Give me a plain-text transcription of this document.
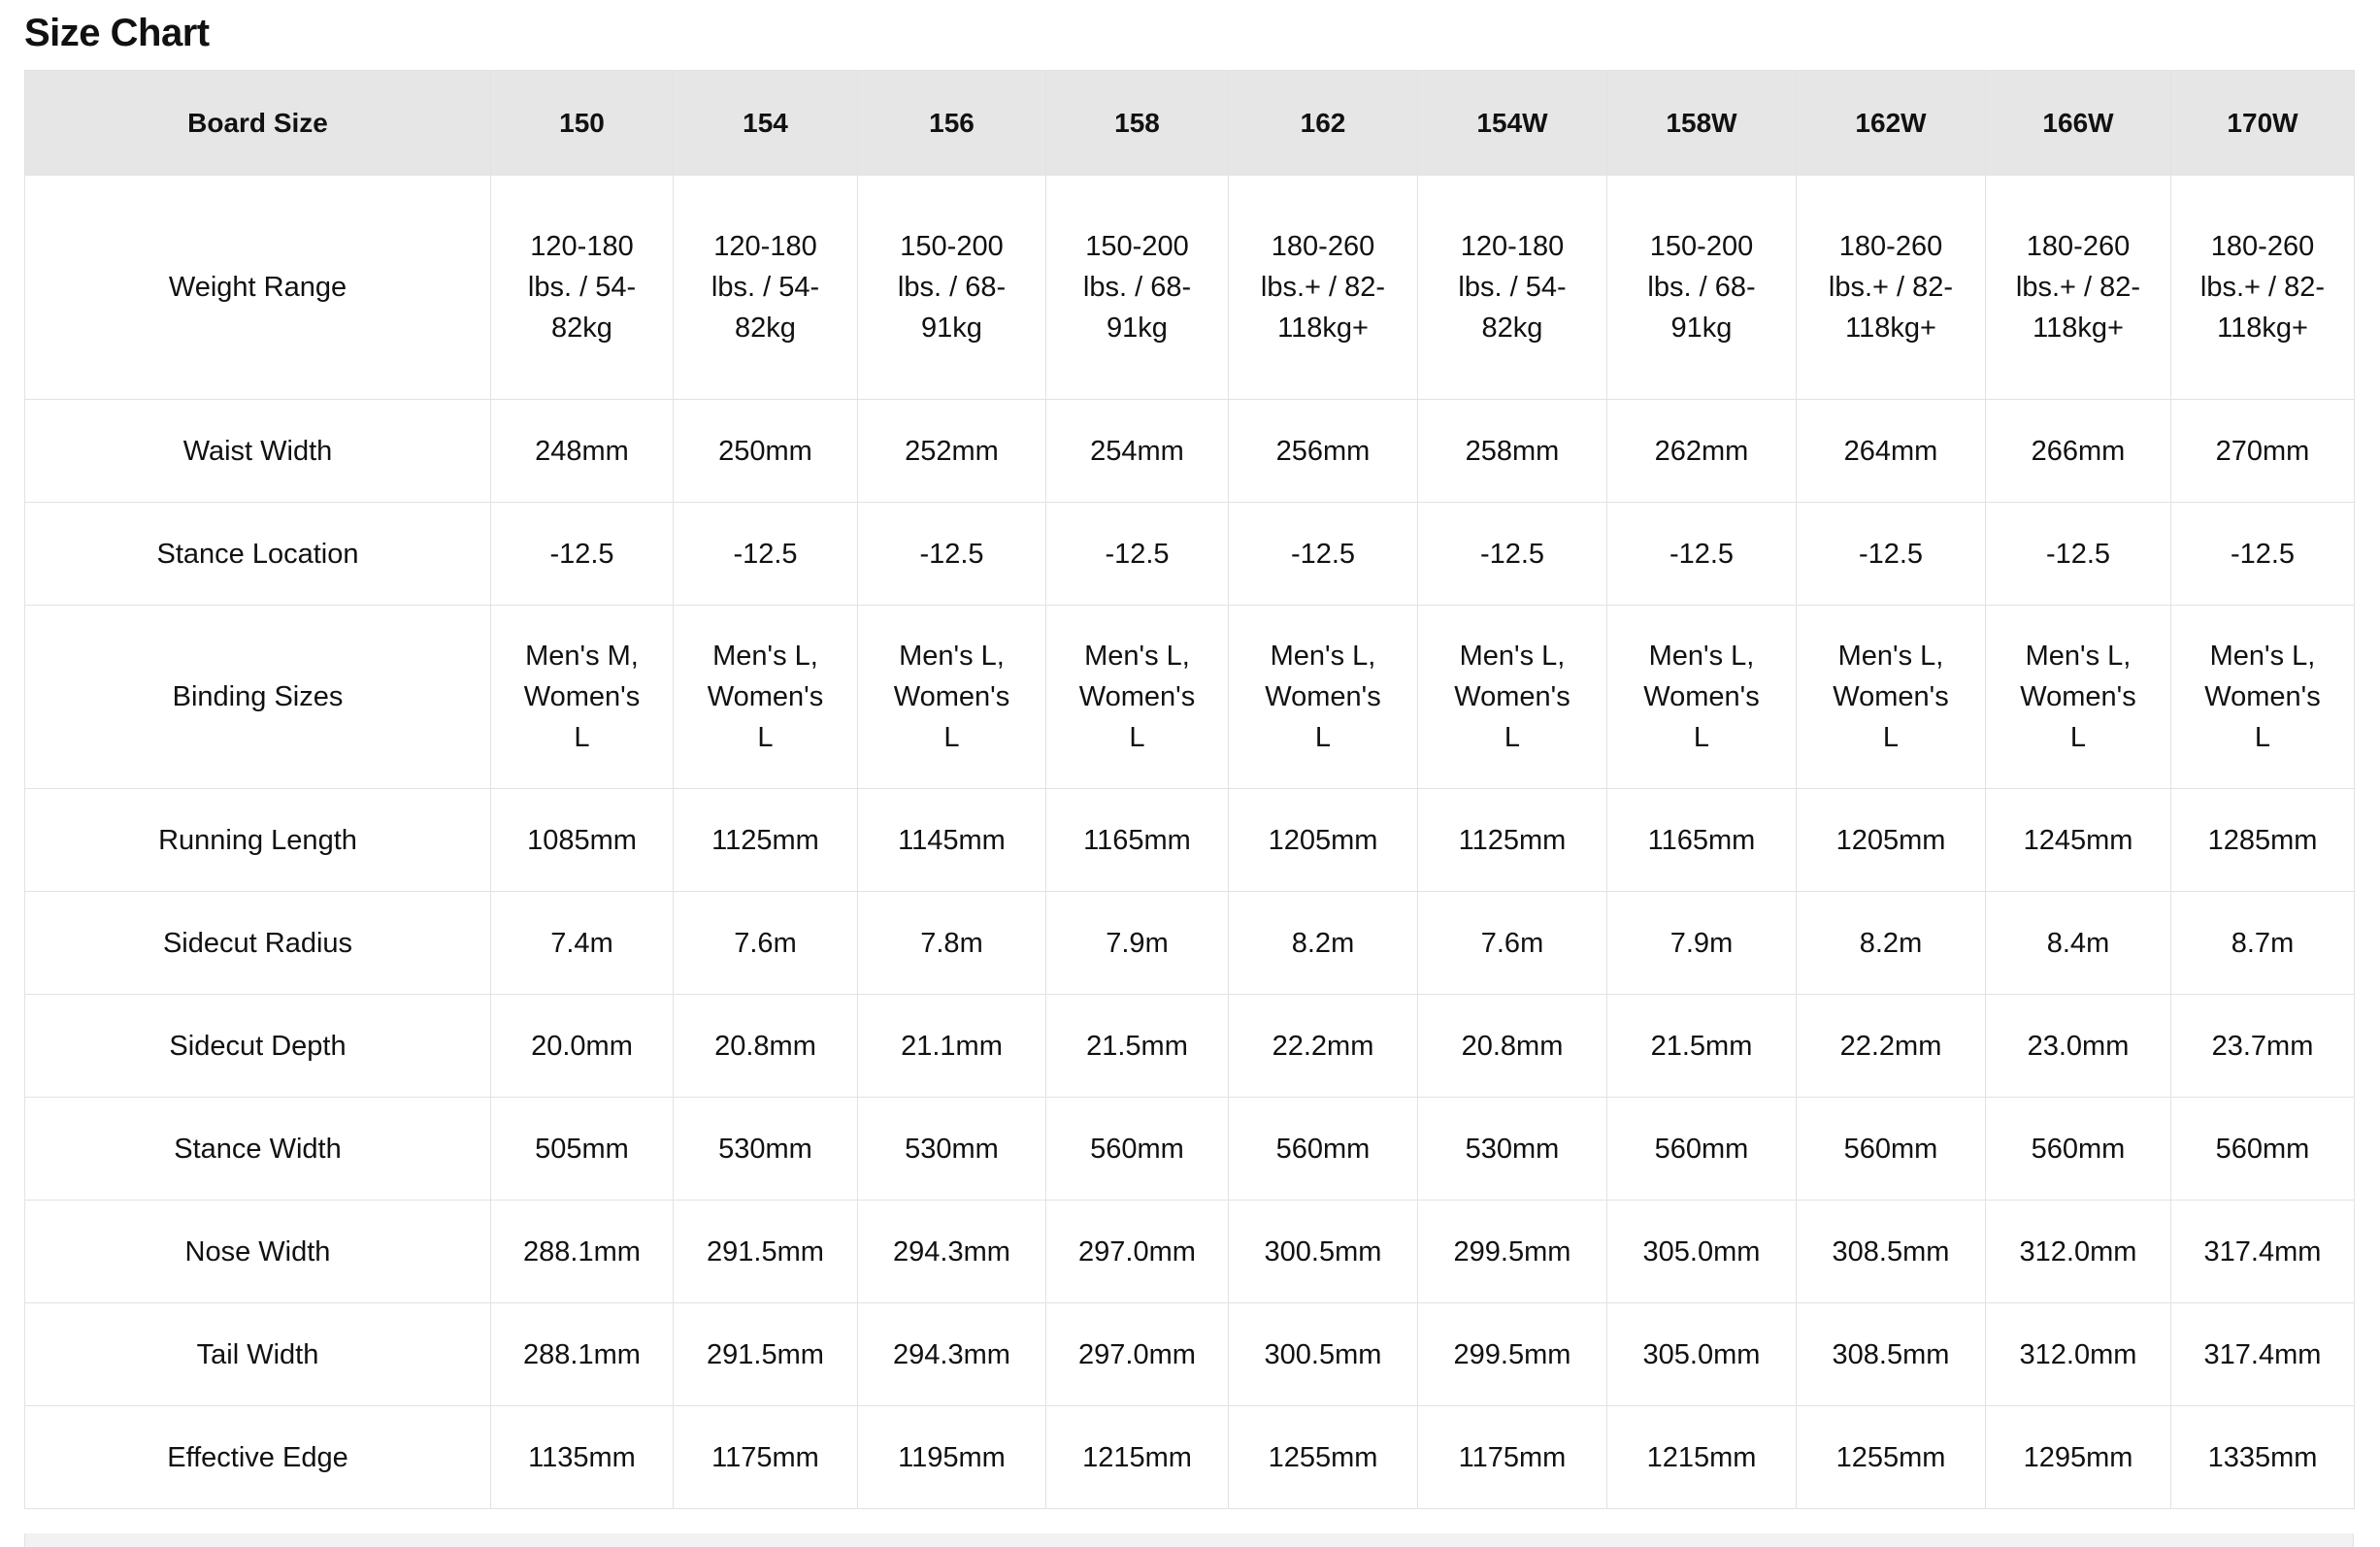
Size Chart
Board Size	150	154	156	158	162	154W	158W	162W	166W	170W
Weight Range	120-180 lbs. / 54-82kg	120-180 lbs. / 54-82kg	150-200 lbs. / 68-91kg	150-200 lbs. / 68-91kg	180-260 lbs.+ / 82-118kg+	120-180 lbs. / 54-82kg	150-200 lbs. / 68-91kg	180-260 lbs.+ / 82-118kg+	180-260 lbs.+ / 82-118kg+	180-260 lbs.+ / 82-118kg+
Waist Width	248mm	250mm	252mm	254mm	256mm	258mm	262mm	264mm	266mm	270mm
Stance Location	-12.5	-12.5	-12.5	-12.5	-12.5	-12.5	-12.5	-12.5	-12.5	-12.5
Binding Sizes	Men's M, Women's L	Men's L, Women's L	Men's L, Women's L	Men's L, Women's L	Men's L, Women's L	Men's L, Women's L	Men's L, Women's L	Men's L, Women's L	Men's L, Women's L	Men's L, Women's L
Running Length	1085mm	1125mm	1145mm	1165mm	1205mm	1125mm	1165mm	1205mm	1245mm	1285mm
Sidecut Radius	7.4m	7.6m	7.8m	7.9m	8.2m	7.6m	7.9m	8.2m	8.4m	8.7m
Sidecut Depth	20.0mm	20.8mm	21.1mm	21.5mm	22.2mm	20.8mm	21.5mm	22.2mm	23.0mm	23.7mm
Stance Width	505mm	530mm	530mm	560mm	560mm	530mm	560mm	560mm	560mm	560mm
Nose Width	288.1mm	291.5mm	294.3mm	297.0mm	300.5mm	299.5mm	305.0mm	308.5mm	312.0mm	317.4mm
Tail Width	288.1mm	291.5mm	294.3mm	297.0mm	300.5mm	299.5mm	305.0mm	308.5mm	312.0mm	317.4mm
Effective Edge	1135mm	1175mm	1195mm	1215mm	1255mm	1175mm	1215mm	1255mm	1295mm	1335mm
